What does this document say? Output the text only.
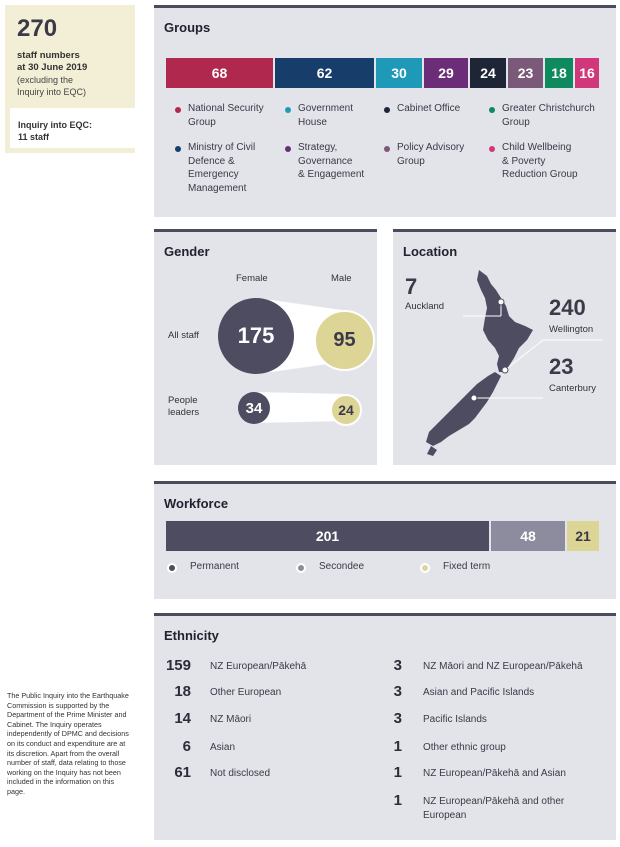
270
staff numbers
at 30 June 2019
(excluding the
Inquiry into EQC)
Inquiry into EQC:
11 staff
Groups
68	62	30	29	24	23	18 16
National Security
Group
Government
House
Cabinet Office	Greater Christchurch
Group
Ministry of Civil
Defence &
Emergency
Management
Strategy,
Governance
& Engagement
Policy Advisory
Group
Child Wellbeing
& Poverty
Reduction Group
Gender
Female	Male
All staff
People
leaders
175	95
34	24
Location
7
Auckland	240
Wellington
23
Canterbury
Workforce
201	48	21
Permanent	Secondee	Fixed term
Ethnicity
159 NZ European/Pākehā
18 Other European
14 NZ Māori
6 Asian
61 Not disclosed
3 NZ Māori and NZ European/Pākehā
3 Asian and Pacific Islands
3 Pacific Islands
1 Other ethnic group
1 NZ European/Pākehā and Asian
1 NZ European/Pākehā and other
European
The Public Inquiry into the Earthquake Commission is supported by the Department of the Prime Minister and Cabinet. The Inquiry operates independently of DPMC and decisions on its conduct and expenditure are at its discretion. Apart from the overall number of staff, data relating to those working on the Inquiry has not been included in the information on this page.
